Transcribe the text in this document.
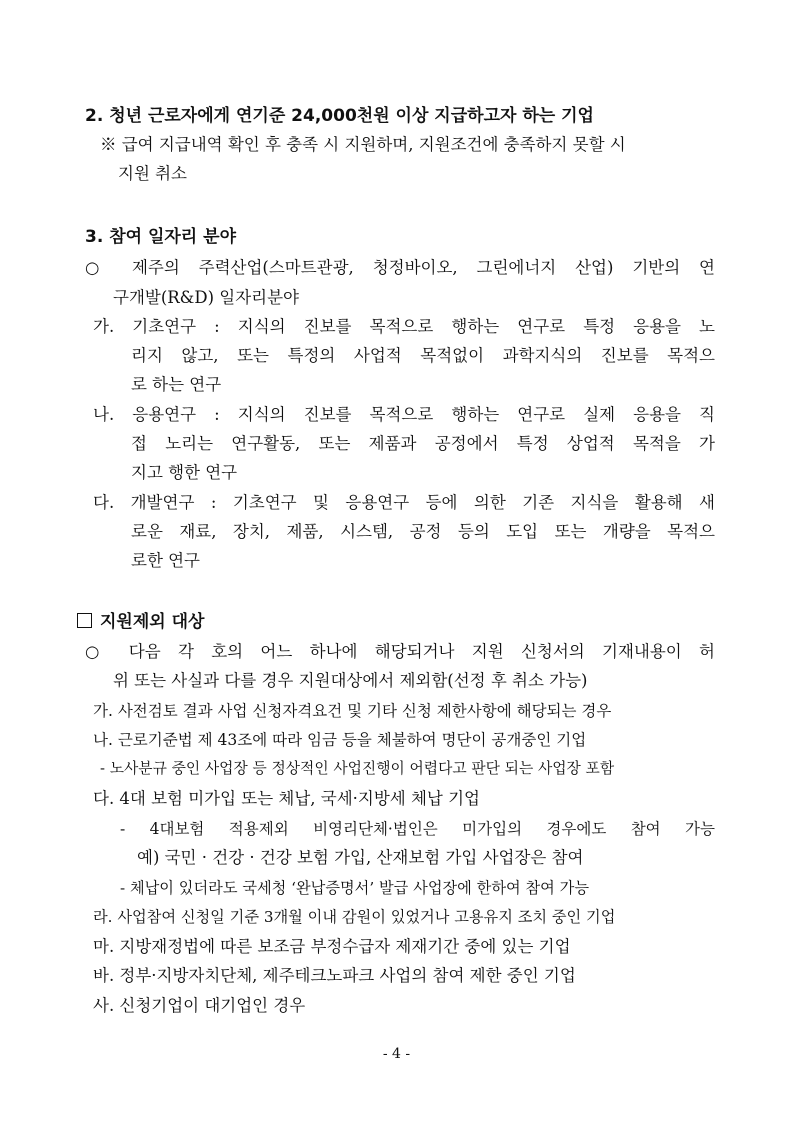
2. 청년 근로자에게 연기준 24,000천원 이상 지급하고자 하는 기업
※ 급여 지급내역 확인 후 충족 시 지원하며, 지원조건에 충족하지 못할 시
지원 취소
3. 참여 일자리 분야
○ 제주의 주력산업(스마트관광, 청정바이오, 그린에너지 산업) 기반의 연
구개발(R&D) 일자리분야
가. 기초연구 : 지식의 진보를 목적으로 행하는 연구로 특정 응용을 노
리지 않고, 또는 특정의 사업적 목적없이 과학지식의 진보를 목적으
로 하는 연구
나. 응용연구 : 지식의 진보를 목적으로 행하는 연구로 실제 응용을 직
접 노리는 연구활동, 또는 제품과 공정에서 특정 상업적 목적을 가
지고 행한 연구
다. 개발연구 : 기초연구 및 응용연구 등에 의한 기존 지식을 활용해 새
로운 재료, 장치, 제품, 시스템, 공정 등의 도입 또는 개량을 목적으
로한 연구
지원제외 대상
○ 다음 각 호의 어느 하나에 해당되거나 지원 신청서의 기재내용이 허
위 또는 사실과 다를 경우 지원대상에서 제외함(선정 후 취소 가능)
가. 사전검토 결과 사업 신청자격요건 및 기타 신청 제한사항에 해당되는 경우
나. 근로기준법 제 43조에 따라 임금 등을 체불하여 명단이 공개중인 기업
- 노사분규 중인 사업장 등 정상적인 사업진행이 어렵다고 판단 되는 사업장 포함
다. 4대 보험 미가입 또는 체납, 국세·지방세 체납 기업
- 4대보험 적용제외 비영리단체·법인은 미가입의 경우에도 참여 가능
예) 국민 · 건강 · 건강 보험 가입, 산재보험 가입 사업장은 참여
- 체납이 있더라도 국세청 ‘완납증명서’ 발급 사업장에 한하여 참여 가능
라. 사업참여 신청일 기준 3개월 이내 감원이 있었거나 고용유지 조치 중인 기업
마. 지방재정법에 따른 보조금 부정수급자 제재기간 중에 있는 기업
바. 정부·지방자치단체, 제주테크노파크 사업의 참여 제한 중인 기업
사. 신청기업이 대기업인 경우
- 4 -
